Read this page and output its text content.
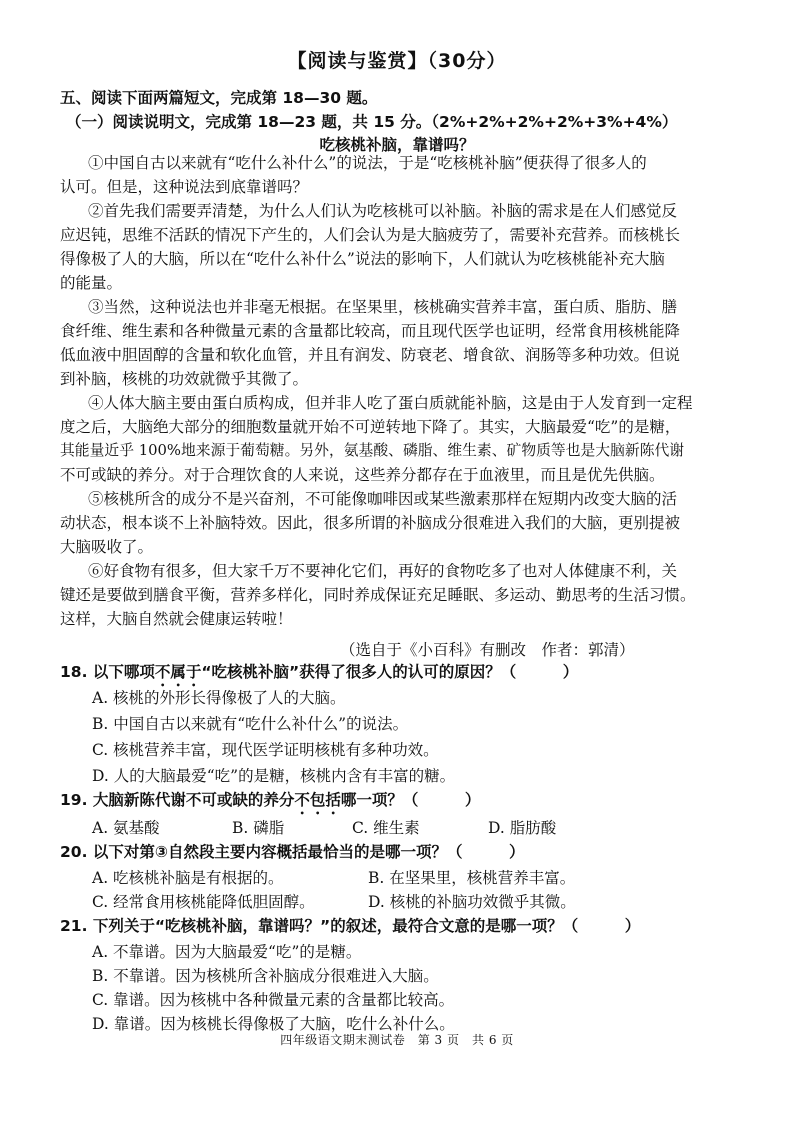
【阅读与鉴赏】（30分）
五、阅读下面两篇短文，完成第 18—30 题。
（一）阅读说明文，完成第 18—23 题，共 15 分。（2%+2%+2%+2%+3%+4%）
吃核桃补脑，靠谱吗？
①中国自古以来就有“吃什么补什么”的说法，于是“吃核桃补脑”便获得了很多人的
认可。但是，这种说法到底靠谱吗？
②首先我们需要弄清楚，为什么人们认为吃核桃可以补脑。补脑的需求是在人们感觉反
应迟钝，思维不活跃的情况下产生的，人们会认为是大脑疲劳了，需要补充营养。而核桃长
得像极了人的大脑，所以在“吃什么补什么”说法的影响下，人们就认为吃核桃能补充大脑
的能量。
③当然，这种说法也并非毫无根据。在坚果里，核桃确实营养丰富，蛋白质、脂肪、膳
食纤维、维生素和各种微量元素的含量都比较高，而且现代医学也证明，经常食用核桃能降
低血液中胆固醇的含量和软化血管，并且有润发、防衰老、增食欲、润肠等多种功效。但说
到补脑，核桃的功效就微乎其微了。
④人体大脑主要由蛋白质构成，但并非人吃了蛋白质就能补脑，这是由于人发育到一定程
度之后，大脑绝大部分的细胞数量就开始不可逆转地下降了。其实，大脑最爱“吃”的是糖，
其能量近乎 100%地来源于葡萄糖。另外，氨基酸、磷脂、维生素、矿物质等也是大脑新陈代谢
不可或缺的养分。对于合理饮食的人来说，这些养分都存在于血液里，而且是优先供脑。
⑤核桃所含的成分不是兴奋剂，不可能像咖啡因或某些激素那样在短期内改变大脑的活
动状态，根本谈不上补脑特效。因此，很多所谓的补脑成分很难进入我们的大脑，更别提被
大脑吸收了。
⑥好食物有很多，但大家千万不要神化它们，再好的食物吃多了也对人体健康不利，关
键还是要做到膳食平衡，营养多样化，同时养成保证充足睡眠、多运动、勤思考的生活习惯。
这样，大脑自然就会健康运转啦！
（选自于《小百科》有删改　作者：郭清）
18. 以下哪项不属于“吃核桃补脑”获得了很多人的认可的原因？（　　　）
A. 核桃的外形长得像极了人的大脑。
B. 中国自古以来就有“吃什么补什么”的说法。
C. 核桃营养丰富，现代医学证明核桃有多种功效。
D. 人的大脑最爱“吃”的是糖，核桃内含有丰富的糖。
19. 大脑新陈代谢不可或缺的养分不包括哪一项？（　　　）
A. 氨基酸	B. 磷脂	C. 维生素	D. 脂肪酸
20. 以下对第③自然段主要内容概括最恰当的是哪一项？（　　　）
A. 吃核桃补脑是有根据的。	B. 在坚果里，核桃营养丰富。
C. 经常食用核桃能降低胆固醇。	D. 核桃的补脑功效微乎其微。
21. 下列关于“吃核桃补脑，靠谱吗？”的叙述，最符合文意的是哪一项？（　　　）
A. 不靠谱。因为大脑最爱“吃”的是糖。
B. 不靠谱。因为核桃所含补脑成分很难进入大脑。
C. 靠谱。因为核桃中各种微量元素的含量都比较高。
D. 靠谱。因为核桃长得像极了大脑，吃什么补什么。
四年级语文期末测试卷　第 3 页　共 6 页
